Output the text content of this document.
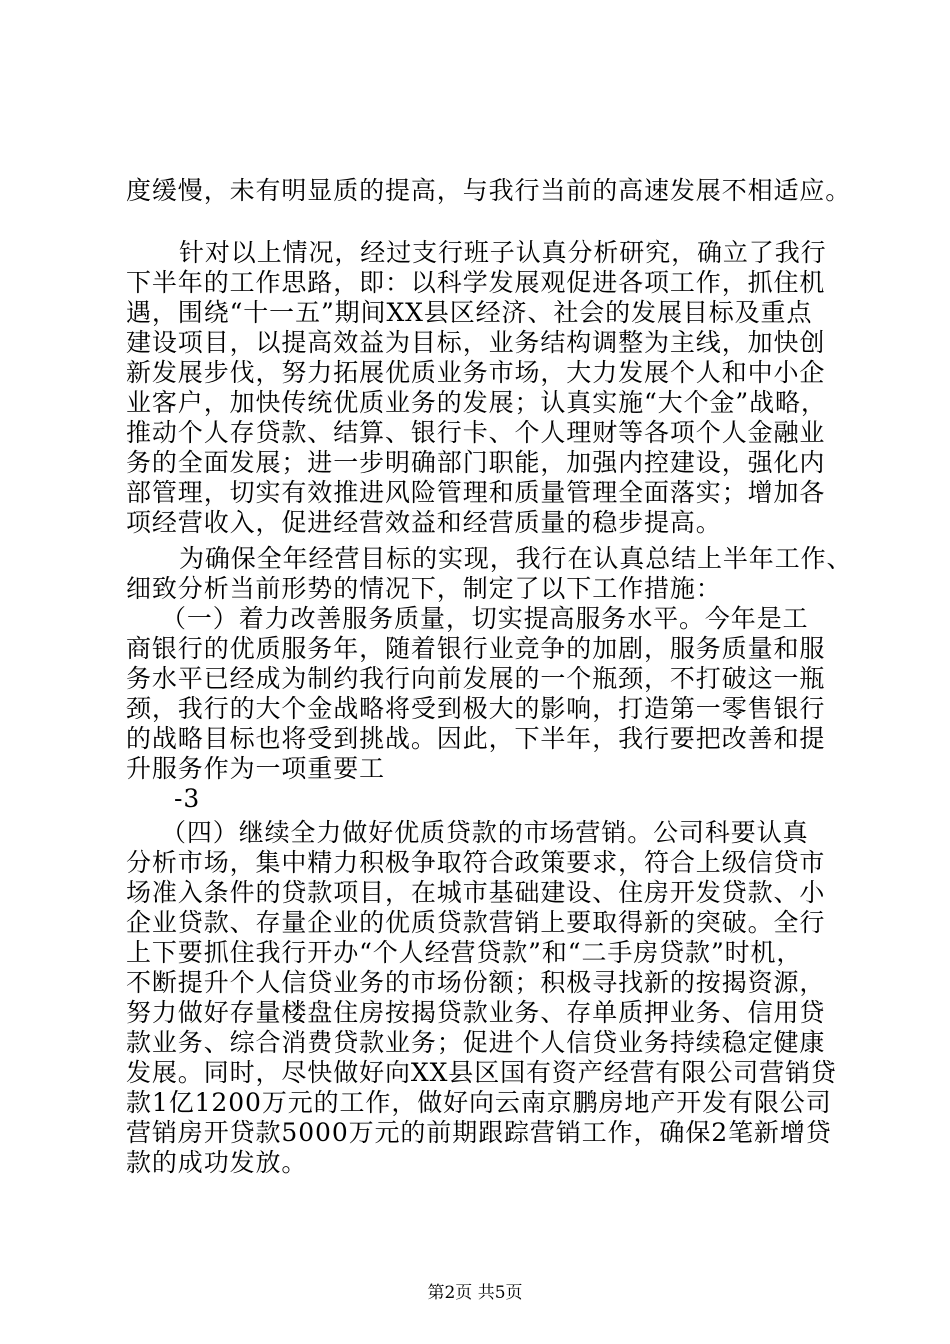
度缓慢，未有明显质的提高，与我行当前的高速发展不相适应。
针对以上情况，经过支行班子认真分析研究，确立了我行
下半年的工作思路，即：以科学发展观促进各项工作，抓住机
遇，围绕“十一五”期间XX县区经济、社会的发展目标及重点
建设项目，以提高效益为目标，业务结构调整为主线，加快创
新发展步伐，努力拓展优质业务市场，大力发展个人和中小企
业客户，加快传统优质业务的发展；认真实施“大个金”战略，
推动个人存贷款、结算、银行卡、个人理财等各项个人金融业
务的全面发展；进一步明确部门职能，加强内控建设，强化内
部管理，切实有效推进风险管理和质量管理全面落实；增加各
项经营收入，促进经营效益和经营质量的稳步提高。
为确保全年经营目标的实现，我行在认真总结上半年工作、
细致分析当前形势的情况下，制定了以下工作措施：
（一）着力改善服务质量，切实提高服务水平。今年是工
商银行的优质服务年，随着银行业竞争的加剧，服务质量和服
务水平已经成为制约我行向前发展的一个瓶颈，不打破这一瓶
颈，我行的大个金战略将受到极大的影响，打造第一零售银行
的战略目标也将受到挑战。因此，下半年，我行要把改善和提
升服务作为一项重要工
-3
（四）继续全力做好优质贷款的市场营销。公司科要认真
分析市场，集中精力积极争取符合政策要求，符合上级信贷市
场准入条件的贷款项目，在城市基础建设、住房开发贷款、小
企业贷款、存量企业的优质贷款营销上要取得新的突破。全行
上下要抓住我行开办“个人经营贷款”和“二手房贷款”时机，
不断提升个人信贷业务的市场份额；积极寻找新的按揭资源，
努力做好存量楼盘住房按揭贷款业务、存单质押业务、信用贷
款业务、综合消费贷款业务；促进个人信贷业务持续稳定健康
发展。同时，尽快做好向XX县区国有资产经营有限公司营销贷
款1亿1200万元的工作，做好向云南京鹏房地产开发有限公司
营销房开贷款5000万元的前期跟踪营销工作，确保2笔新增贷
款的成功发放。
第2页 共5页
